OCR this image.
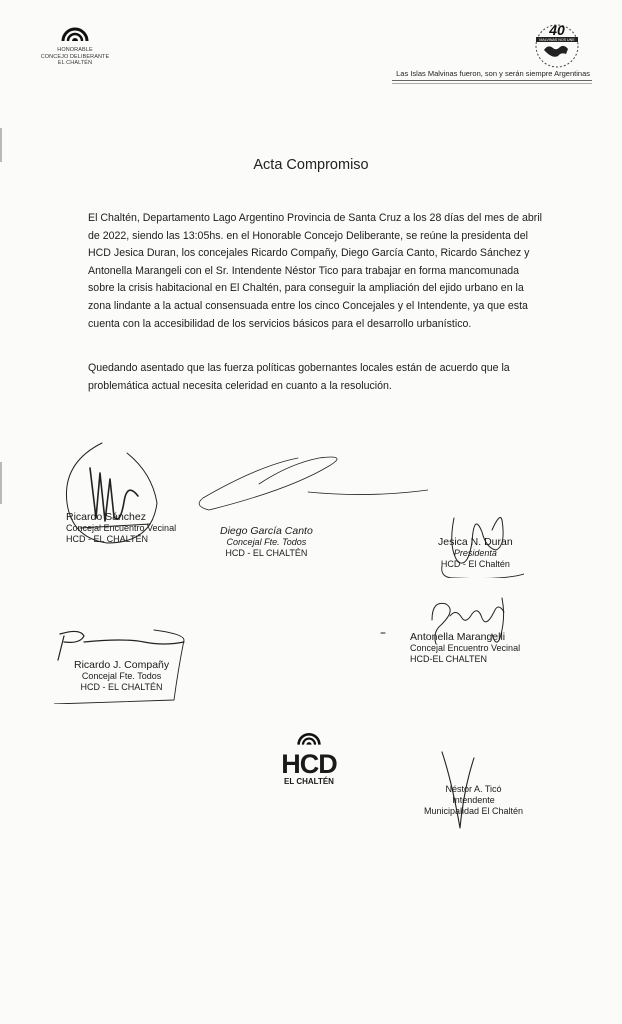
HONORABLE
CONCEJO DELIBERANTE
EL CHALTÉN
MALVINAS NOS UNE
40
Las Islas Malvinas fueron, son y serán siempre Argentinas
Acta Compromiso
El Chaltén, Departamento Lago Argentino Provincia de Santa Cruz a los 28 días del mes de abril de 2022, siendo las 13:05hs. en el Honorable Concejo Deliberante, se reúne la presidenta del HCD Jesica Duran, los concejales Ricardo Compañy, Diego García Canto, Ricardo Sánchez y Antonella Marangeli con el Sr. Intendente Néstor Tico para trabajar en forma mancomunada sobre la crisis habitacional en El Chaltén, para conseguir la ampliación del ejido urbano en la zona lindante a la actual consensuada entre los cinco Concejales y el Intendente, ya que esta cuenta con la accesibilidad de los servicios básicos para el desarrollo urbanístico.
Quedando asentado que las fuerza políticas gobernantes locales están de acuerdo que la problemática actual necesita celeridad en cuanto a la resolución.
Ricardo Sánchez
Concejal Encuentro Vecinal
HCD - EL CHALTÉN
Diego García Canto
Concejal Fte. Todos
HCD - EL CHALTÉN
Jesica N. Duran
Presidenta
HCD - El Chaltén
Antonella Marangelli
Concejal Encuentro Vecinal
HCD-EL CHALTEN
Ricardo J. Compañy
Concejal Fte. Todos
HCD - EL CHALTÉN
Néstor A. Ticó
Intendente
Municipalidad El Chaltén
HCD
EL CHALTÉN
